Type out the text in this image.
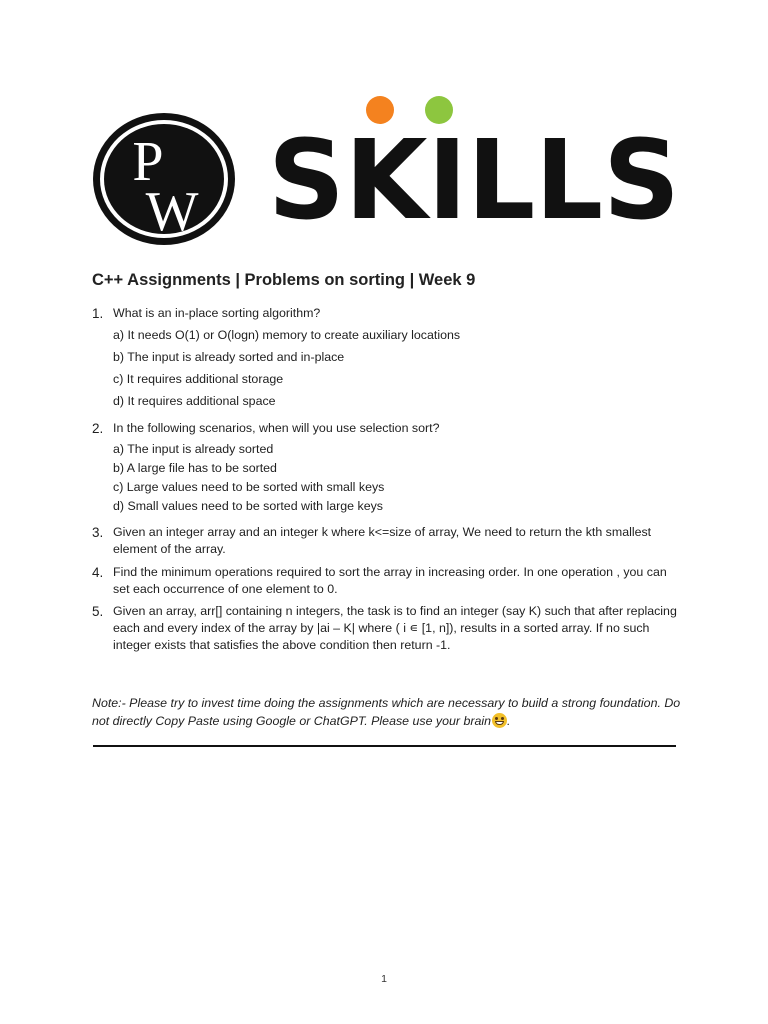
P
W SKILLS
C++ Assignments | Problems on sorting | Week 9
1. What is an in-place sorting algorithm?
a) It needs O(1) or O(logn) memory to create auxiliary locations
b) The input is already sorted and in-place
c) It requires additional storage
d) It requires additional space
2. In the following scenarios, when will you use selection sort?
a) The input is already sorted
b) A large file has to be sorted
c) Large values need to be sorted with small keys
d) Small values need to be sorted with large keys
3. Given an integer array and an integer k where k<=size of array, We need to return the kth smallest element of the array.
4. Find the minimum operations required to sort the array in increasing order. In one operation , you can set each occurrence of one element to 0.
5. Given an array, arr[] containing n integers, the task is to find an integer (say K) such that after replacing each and every index of the array by |ai – K| where ( i ∊ [1, n]), results in a sorted array. If no such integer exists that satisfies the above condition then return -1.
Note:- Please try to invest time doing the assignments which are necessary to build a strong foundation. Do not directly Copy Paste using Google or ChatGPT. Please use your brain .
1
